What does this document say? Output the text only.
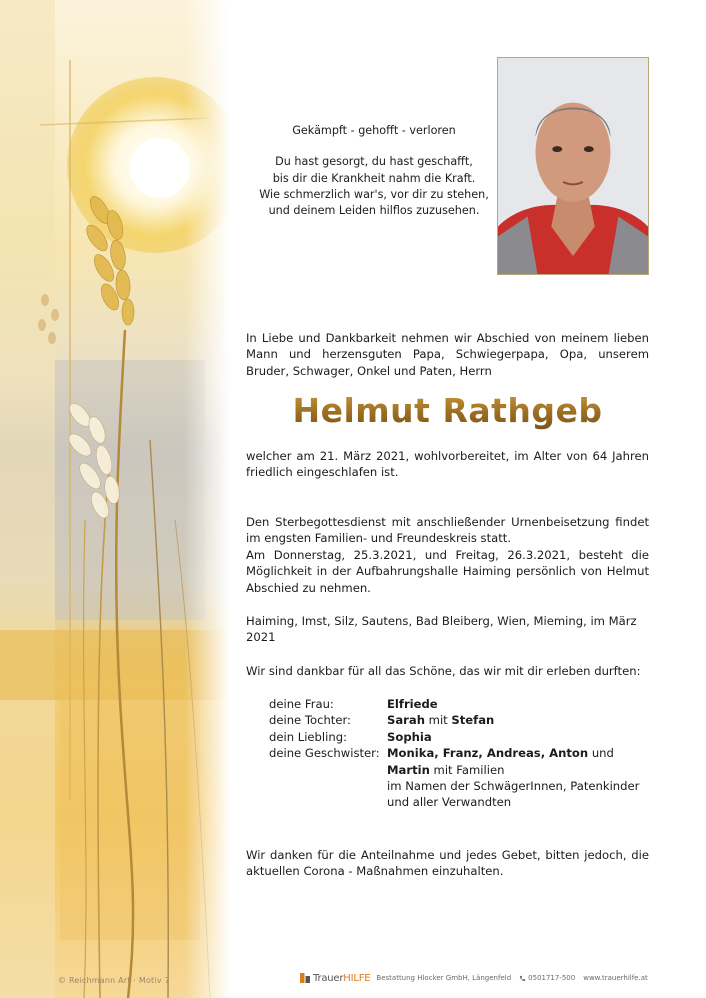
© Reichmann Art · Motiv 7
Gekämpft - gehofft - verloren
Du hast gesorgt, du hast geschafft,
bis dir die Krankheit nahm die Kraft.
Wie schmerzlich war's, vor dir zu stehen,
und deinem Leiden hilflos zuzusehen.
In Liebe und Dankbarkeit nehmen wir Abschied von meinem lieben Mann und herzensguten Papa, Schwiegerpapa, Opa, unserem Bruder, Schwager, Onkel und Paten, Herrn
Helmut Rathgeb
welcher am 21. März 2021, wohlvorbereitet, im Alter von 64 Jahren friedlich eingeschlafen ist.
Den Sterbegottesdienst mit anschließender Urnenbeisetzung findet im engsten Familien- und Freundeskreis statt.
Am Donnerstag, 25.3.2021, und Freitag, 26.3.2021, besteht die Möglichkeit in der Aufbahrungshalle Haiming persönlich von Helmut Abschied zu nehmen.
Haiming, Imst, Silz, Sautens, Bad Bleiberg, Wien, Mieming, im März 2021
Wir sind dankbar für all das Schöne, das wir mit dir erleben durften:
deine Frau:	Elfriede
deine Tochter:	Sarah mit Stefan
dein Liebling:	Sophia
deine Geschwister: Monika, Franz, Andreas, Anton und
Martin mit Familien
im Namen der SchwägerInnen, Patenkinder
und aller Verwandten
Wir danken für die Anteilnahme und jedes Gebet, bitten jedoch, die aktuellen Corona - Maßnahmen einzuhalten.
TrauerHILFE Bestattung Hlocker GmbH, Längenfeld 0501717-500 www.trauerhilfe.at
